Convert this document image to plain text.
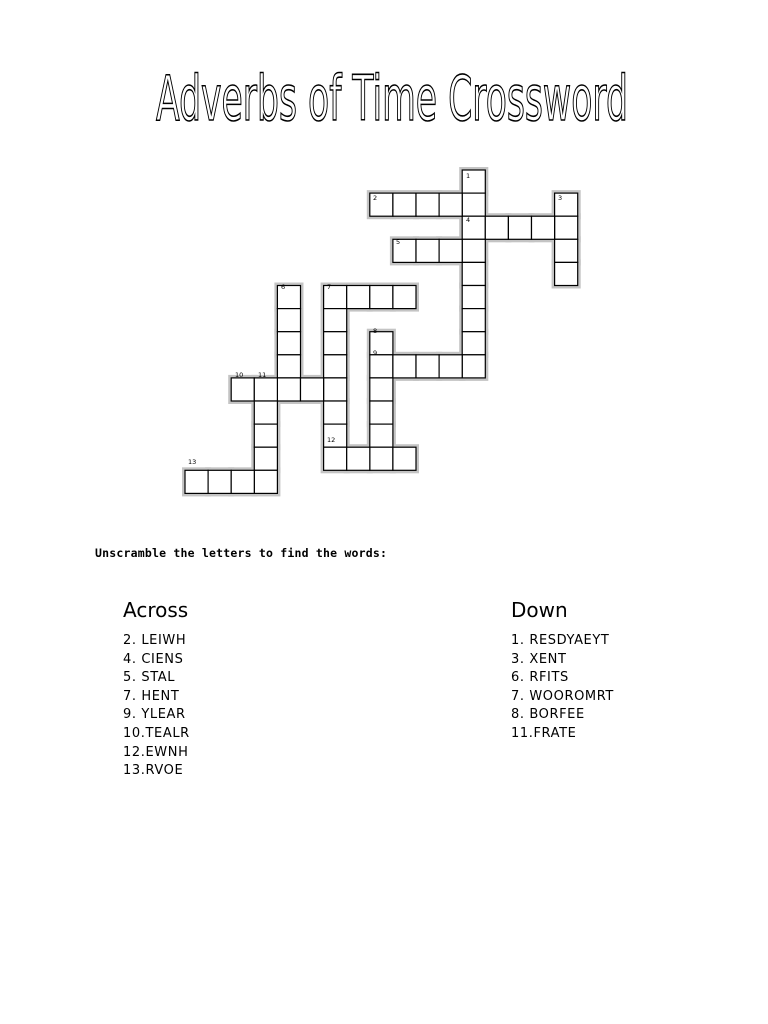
Adverbs of Time Crossword
1
2	3
4
5
6	7
8
9
10 11
12
13
Unscramble the letters to find the words:
Across
2. LEIWH
4. CIENS
5. STAL
7. HENT
9. YLEAR
10.TEALR
12.EWNH
13.RVOE
Down
1. RESDYAEYT
3. XENT
6. RFITS
7. WOOROMRT
8. BORFEE
11.FRATE
